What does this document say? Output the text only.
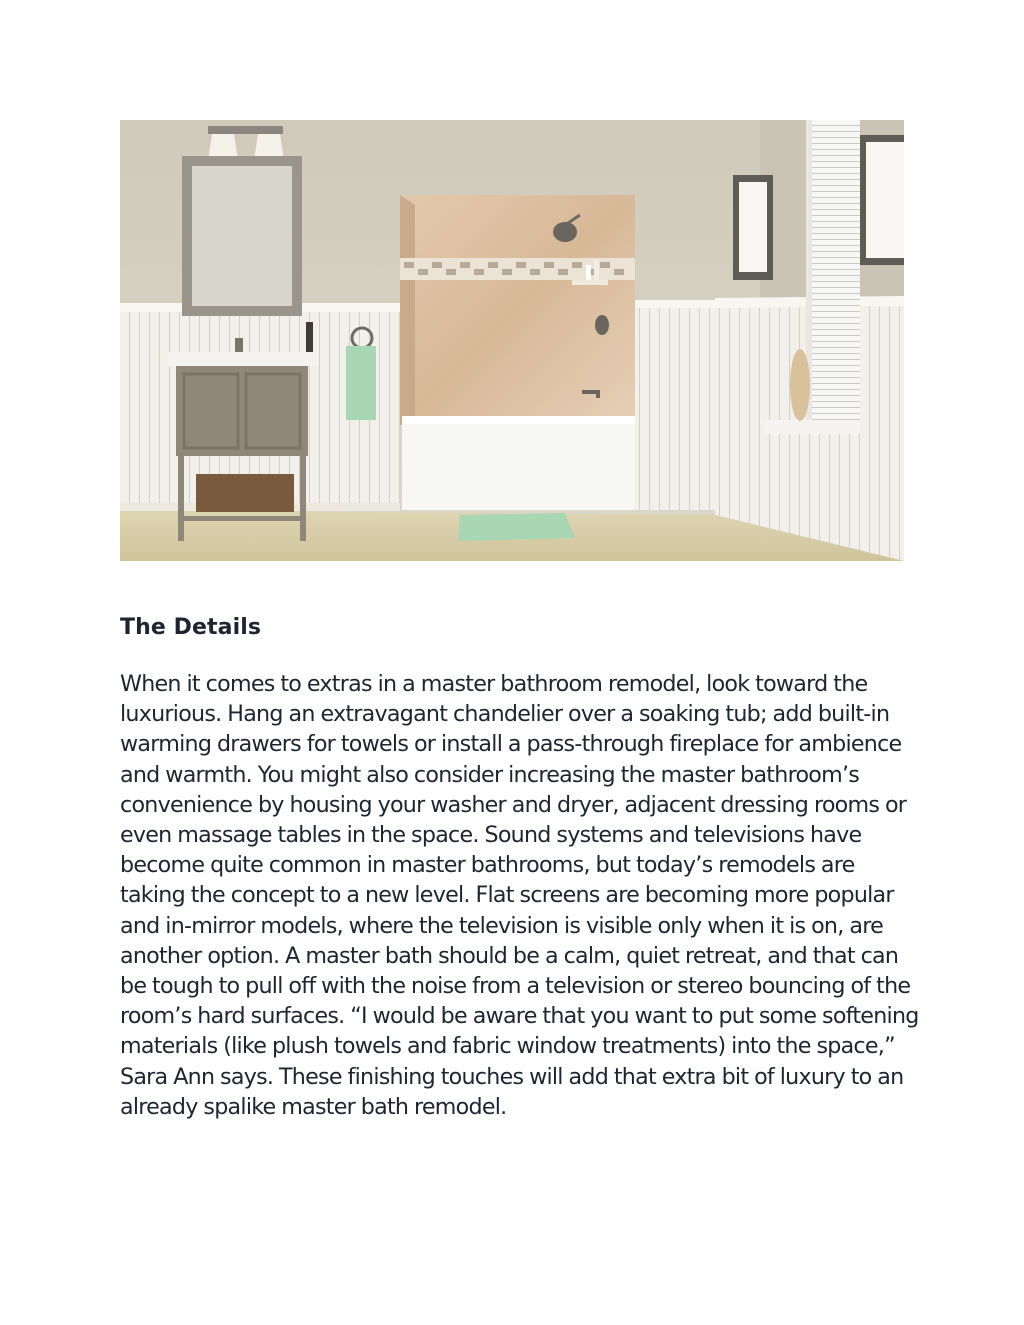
The Details

When it comes to extras in a master bathroom remodel, look toward the luxurious. Hang an extravagant chandelier over a soaking tub; add built-in warming drawers for towels or install a pass-through fireplace for ambience and warmth. You might also consider increasing the master bathroom’s convenience by housing your washer and dryer, adjacent dressing rooms or even massage tables in the space. Sound systems and televisions have become quite common in master bathrooms, but today’s remodels are taking the concept to a new level. Flat screens are becoming more popular and in-mirror models, where the television is visible only when it is on, are another option. A master bath should be a calm, quiet retreat, and that can be tough to pull off with the noise from a television or stereo bouncing of the room’s hard surfaces. “I would be aware that you want to put some softening materials (like plush towels and fabric window treatments) into the space,” Sara Ann says. These finishing touches will add that extra bit of luxury to an already spalike master bath remodel.
